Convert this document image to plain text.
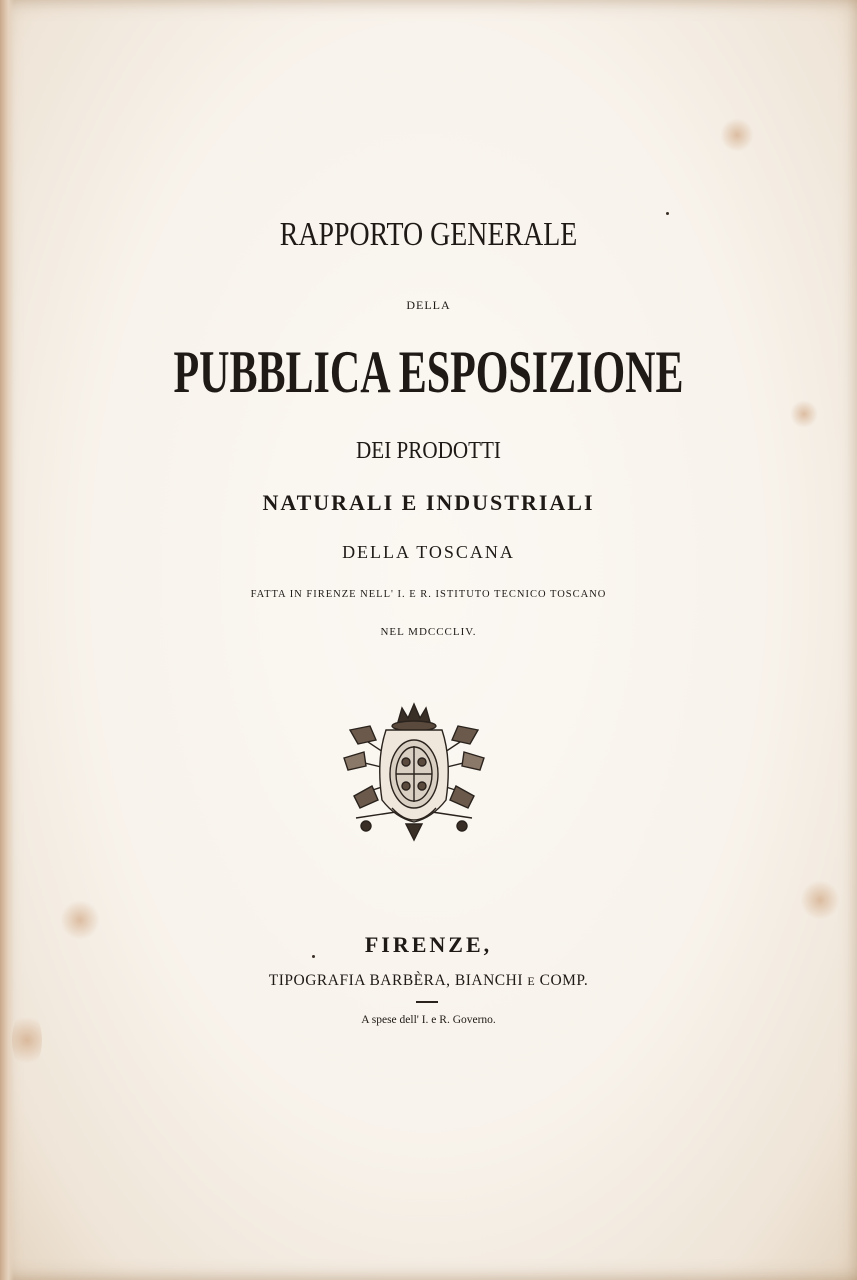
RAPPORTO GENERALE
DELLA
PUBBLICA ESPOSIZIONE
DEI PRODOTTI
NATURALI E INDUSTRIALI
DELLA TOSCANA
FATTA IN FIRENZE NELL' I. E R. ISTITUTO TECNICO TOSCANO
NEL MDCCCLIV.
FIRENZE,
TIPOGRAFIA BARBÈRA, BIANCHI E COMP.
A spese dell' I. e R. Governo.
